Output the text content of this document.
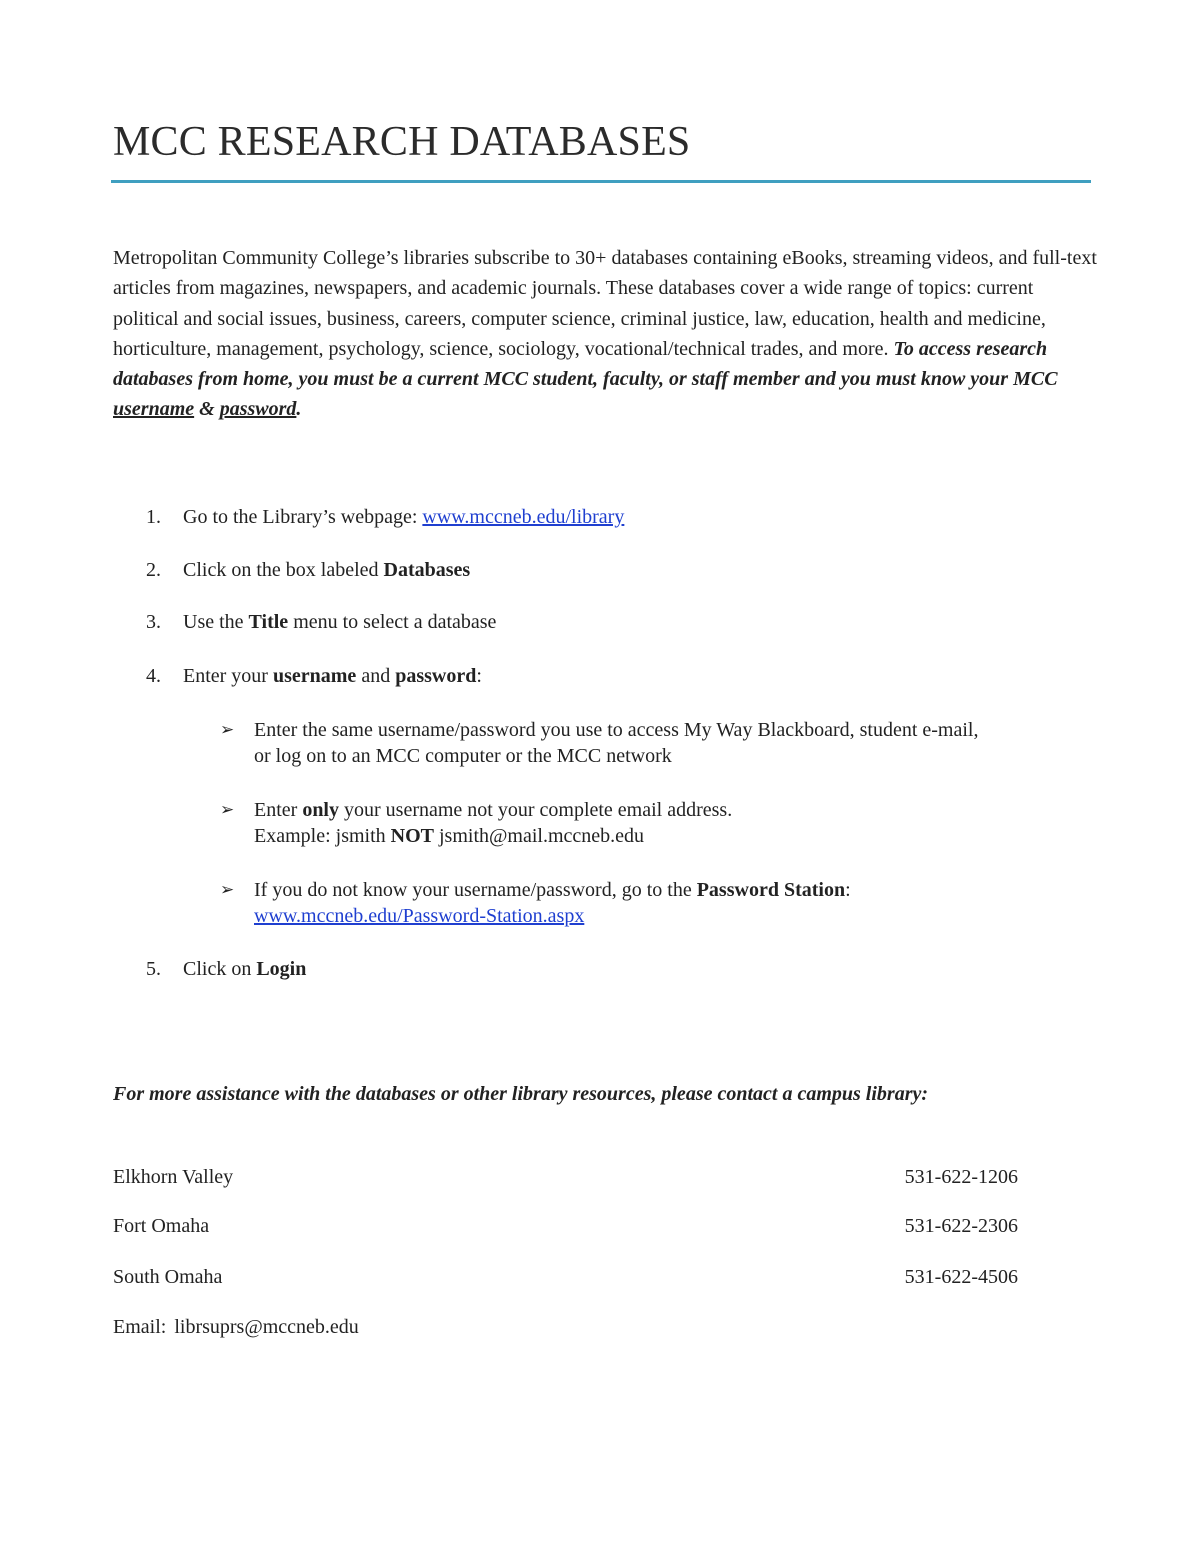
MCC RESEARCH DATABASES

Metropolitan Community College’s libraries subscribe to 30+ databases containing eBooks, streaming videos, and full-text articles from magazines, newspapers, and academic journals. These databases cover a wide range of topics: current political and social issues, business, careers, computer science, criminal justice, law, education, health and medicine, horticulture, management, psychology, science, sociology, vocational/technical trades, and more. To access research databases from home, you must be a current MCC student, faculty, or staff member and you must know your MCC username & password.

1. Go to the Library’s webpage: www.mccneb.edu/library
2. Click on the box labeled Databases
3. Use the Title menu to select a database
4. Enter your username and password:
5. Click on Login
➢ Enter the same username/password you use to access My Way Blackboard, student e-mail,
or log on to an MCC computer or the MCC network
➢ Enter only your username not your complete email address.
Example: jsmith NOT jsmith@mail.mccneb.edu
➢ If you do not know your username/password, go to the Password Station:
www.mccneb.edu/Password-Station.aspx

For more assistance with the databases or other library resources, please contact a campus library:

Elkhorn Valley	531-622-1206
Fort Omaha	531-622-2306
South Omaha	531-622-4506
Email: librsuprs@mccneb.edu
